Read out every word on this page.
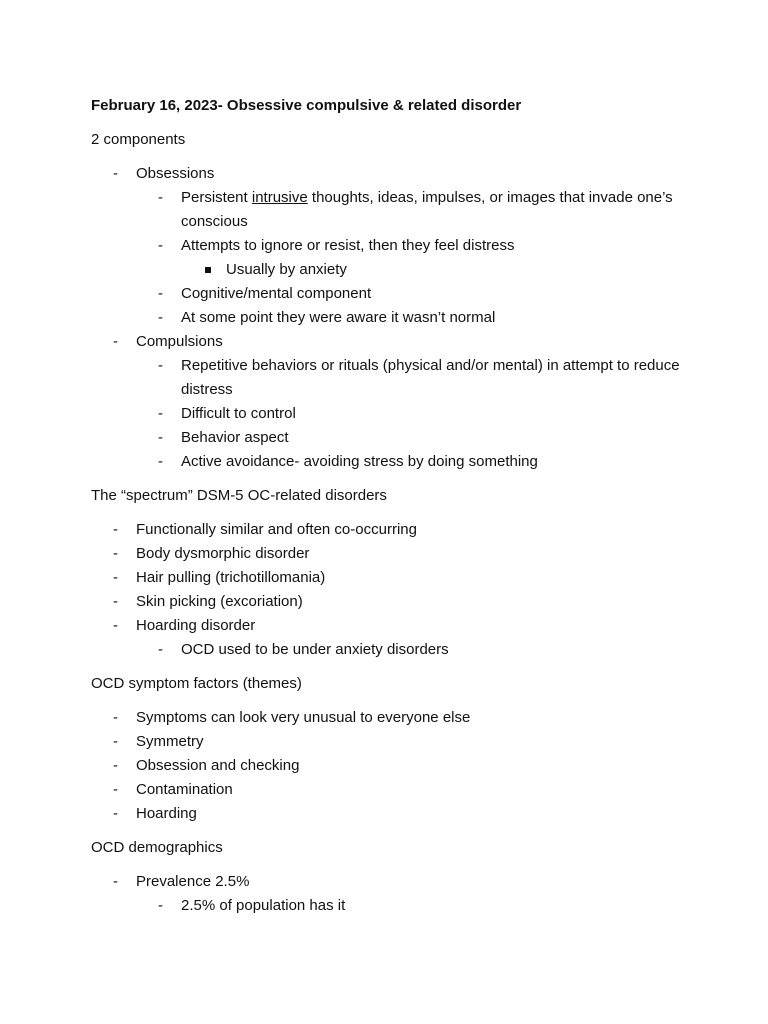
February 16, 2023- Obsessive compulsive & related disorder
2 components
- Obsessions
- Persistent intrusive thoughts, ideas, impulses, or images that invade one’s conscious
- Attempts to ignore or resist, then they feel distress
Usually by anxiety
- Cognitive/mental component
- At some point they were aware it wasn’t normal
- Compulsions
- Repetitive behaviors or rituals (physical and/or mental) in attempt to reduce distress
- Difficult to control
- Behavior aspect
- Active avoidance- avoiding stress by doing something
The “spectrum” DSM-5 OC-related disorders
- Functionally similar and often co-occurring
- Body dysmorphic disorder
- Hair pulling (trichotillomania)
- Skin picking (excoriation)
- Hoarding disorder
- OCD used to be under anxiety disorders
OCD symptom factors (themes)
- Symptoms can look very unusual to everyone else
- Symmetry
- Obsession and checking
- Contamination
- Hoarding
OCD demographics
- Prevalence 2.5%
- 2.5% of population has it
